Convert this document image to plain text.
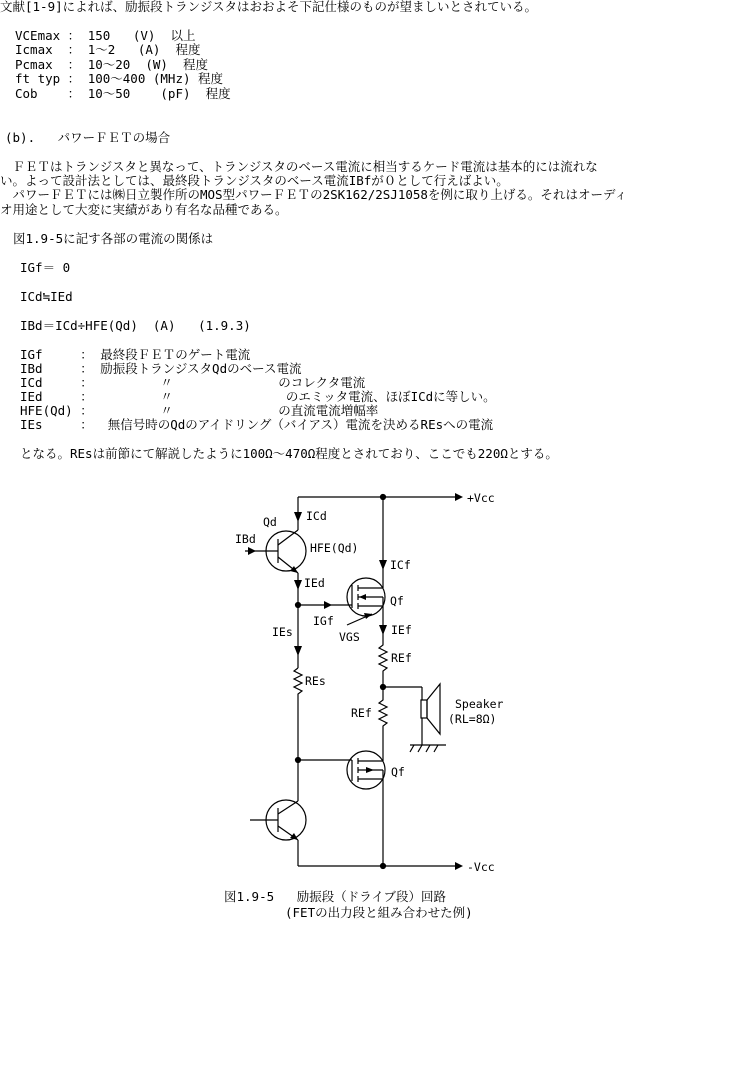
文献[1-9]によれば、励振段トランジスタはおおよそ下記仕様のものが望ましいとされている。
VCEmax ： 150   (V)  以上
Icmax  ： 1～2   (A)  程度
Pcmax  ： 10～20  (W)  程度
ft typ ： 100～400 (MHz) 程度
Cob    ： 10～50    (pF)  程度
(b).   パワーＦＥＴの場合
　ＦＥＴはトランジスタと異なって、トランジスタのベース電流に相当するケード電流は基本的には流れな
い。よって設計法としては、最終段トランジスタのベース電流IBfが０として行えばよい。
　パワーＦＥＴには㈱日立製作所のMOS型パワーＦＥＴの2SK162/2SJ1058を例に取り上げる。それはオーディ
オ用途として大変に実績があり有名な品種である。
図1.9-5に記す各部の電流の関係は
IGf＝ 0
ICd≒IEd
IBd＝ICd÷HFE(Qd)  (A)   (1.9.3)
IGf     ： 最終段ＦＥＴのゲート電流
IBd     ： 励振段トランジスタQdのベース電流
ICd     ：         〃              のコレクタ電流
IEd     ：         〃               のエミッタ電流、ほぼICdに等しい。
HFE(Qd) ：         〃              の直流電流増幅率
IEs     ：  無信号時のQdのアイドリング（バイアス）電流を決めるREsへの電流
となる。REsは前節にて解説したように100Ω～470Ω程度とされており、ここでも220Ωとする。
+Vcc
-Vcc
Qd	ICd
IBd
HFE(Qd)
IEd
ICf
Qf
IGf
IEs	VGS	IEf
REf
REs
REf
Speaker
(RL=8Ω)
Qf
図1.9-5   励振段（ドライブ段）回路
(FETの出力段と組み合わせた例)
